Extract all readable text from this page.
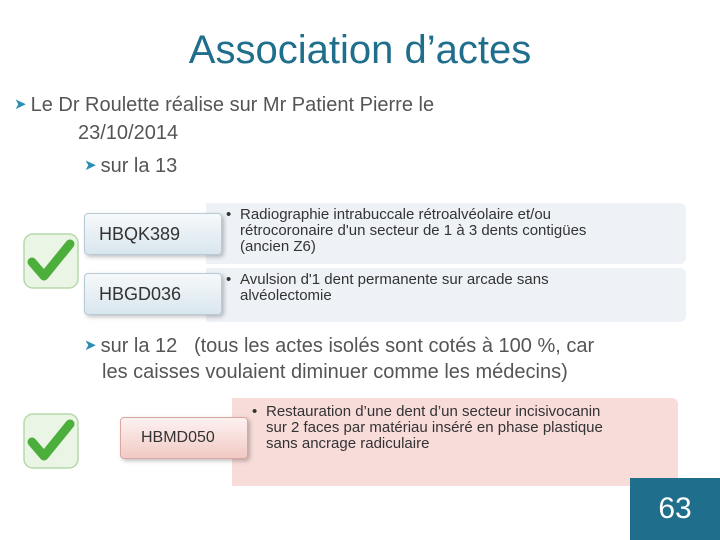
Association d’actes
➤ Le Dr Roulette réalise sur Mr Patient Pierre le
23/10/2014
➤ sur la 13
• Radiographie intrabuccale rétroalvéolaire et/ou
rétrocoronaire d'un secteur de 1 à 3 dents contigües
(ancien Z6)
HBQK389
• Avulsion d'1 dent permanente sur arcade sans
alvéolectomie
HBGD036
➤ sur la 12   (tous les actes isolés sont cotés à 100 %, car
les caisses voulaient diminuer comme les médecins)
• Restauration d’une dent d’un secteur incisivocanin
sur 2 faces par matériau inséré en phase plastique
sans ancrage radiculaire
HBMD050
63
